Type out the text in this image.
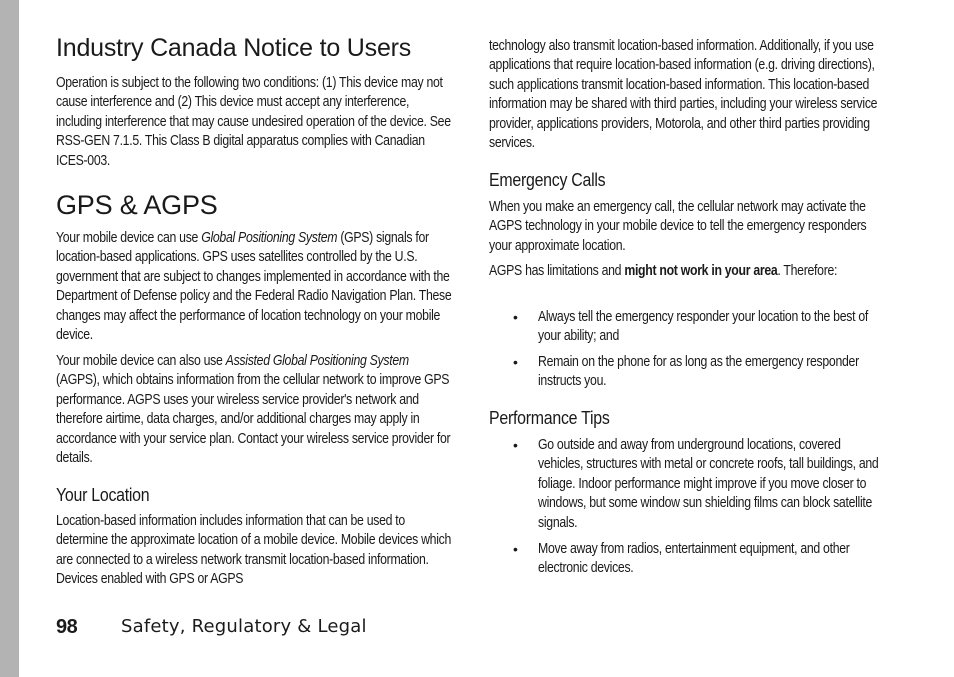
Industry Canada Notice to Users

Operation is subject to the following two conditions: (1) This device may not cause interference and (2) This device must accept any interference, including interference that may cause undesired operation of the device. See RSS-GEN 7.1.5. This Class B digital apparatus complies with Canadian ICES-003.

GPS & AGPS

Your mobile device can use Global Positioning System (GPS) signals for location-based applications. GPS uses satellites controlled by the U.S. government that are subject to changes implemented in accordance with the Department of Defense policy and the Federal Radio Navigation Plan. These changes may affect the performance of location technology on your mobile device.

Your mobile device can also use Assisted Global Positioning System (AGPS), which obtains information from the cellular network to improve GPS performance. AGPS uses your wireless service provider's network and therefore airtime, data charges, and/or additional charges may apply in accordance with your service plan. Contact your wireless service provider for details.

Your Location

Location-based information includes information that can be used to determine the approximate location of a mobile device. Mobile devices which are connected to a wireless network transmit location-based information. Devices enabled with GPS or AGPS

technology also transmit location-based information. Additionally, if you use applications that require location-based information (e.g. driving directions), such applications transmit location-based information. This location-based information may be shared with third parties, including your wireless service provider, applications providers, Motorola, and other third parties providing services.

Emergency Calls

When you make an emergency call, the cellular network may activate the AGPS technology in your mobile device to tell the emergency responders your approximate location.

AGPS has limitations and might not work in your area. Therefore:

• Always tell the emergency responder your location to the best of your ability; and

• Remain on the phone for as long as the emergency responder instructs you.

Performance Tips
• Go outside and away from underground locations, covered vehicles, structures with metal or concrete roofs, tall buildings, and foliage. Indoor performance might improve if you move closer to windows, but some window sun shielding films can block satellite signals.

• Move away from radios, entertainment equipment, and other electronic devices.

98 Safety, Regulatory & Legal
